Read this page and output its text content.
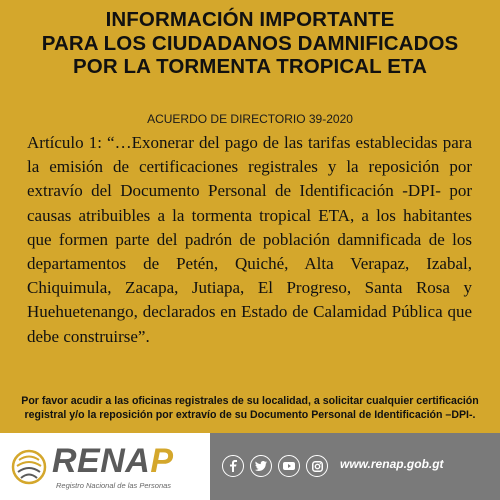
INFORMACIÓN IMPORTANTE
PARA LOS CIUDADANOS DAMNIFICADOS
POR LA TORMENTA TROPICAL ETA
ACUERDO DE DIRECTORIO 39-2020

Artículo 1: “…Exonerar del pago de las tarifas establecidas para la emisión de certificaciones registrales y la reposición por extravío del Documento Personal de Identificación -DPI- por causas atribuibles a la tormenta tropical ETA, a los habitantes que formen parte del padrón de población damnificada de los departamentos de Petén, Quiché, Alta Verapaz, Izabal, Chiquimula, Zacapa, Jutiapa, El Progreso, Santa Rosa y Huehuetenango, declarados en Estado de Calamidad Pública que debe construirse”.

Por favor acudir a las oficinas registrales de su localidad, a solicitar cualquier certificación registral y/o la reposición por extravío de su Documento Personal de Identificación –DPI-.
RENAP
Registro Nacional de las Personas
www.renap.gob.gt
